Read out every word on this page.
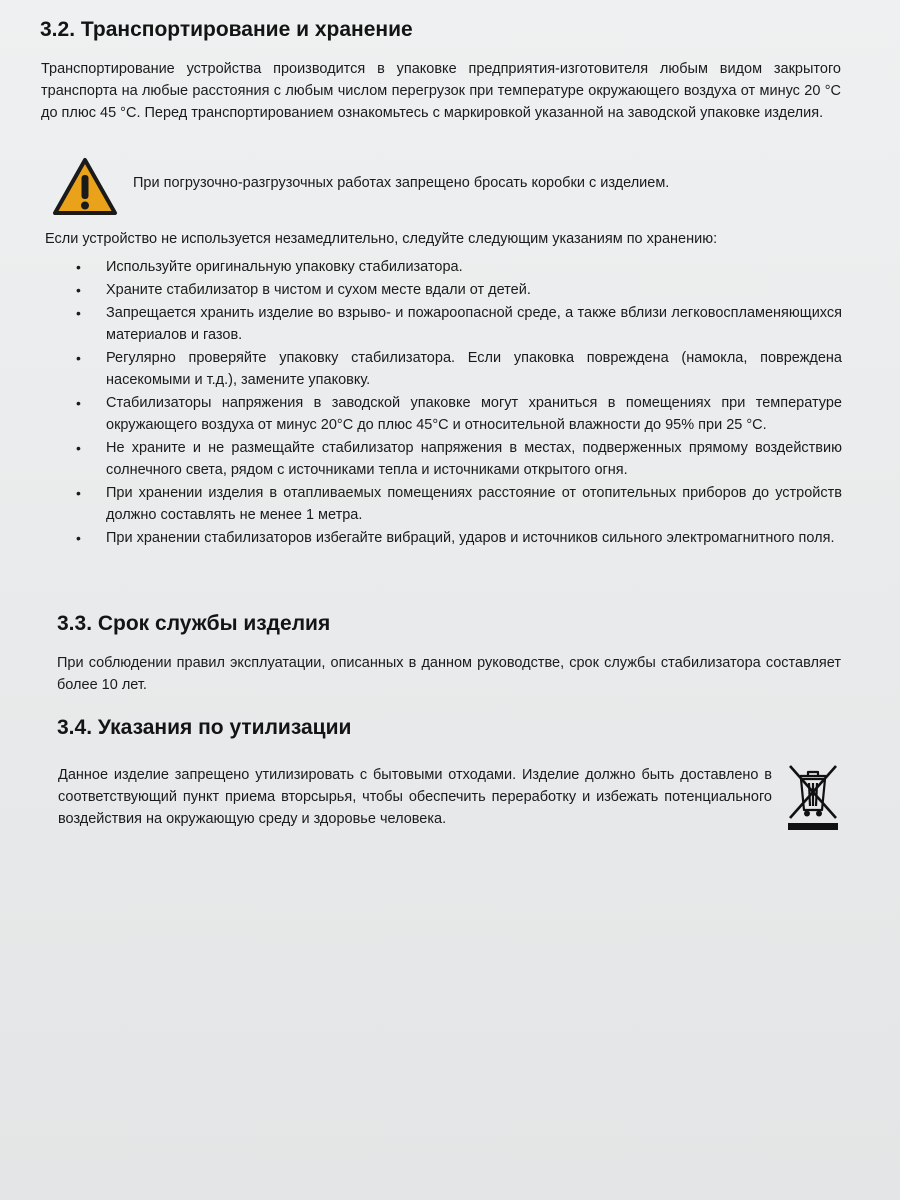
3.2. Транспортирование и хранение

Транспортирование устройства производится в упаковке предприятия-изготовителя любым видом закрытого транспорта на любые расстояния с любым числом перегрузок при температуре окружающего воздуха от минус 20 °С до плюс 45 °С. Перед транспортированием ознакомьтесь с маркировкой указанной на заводской упаковке изделия.

При погрузочно-разгрузочных работах запрещено бросать коробки с изделием.

Если устройство не используется незамедлительно, следуйте следующим указаниям по хранению:

• Используйте оригинальную упаковку стабилизатора.
• Храните стабилизатор в чистом и сухом месте вдали от детей.
• Запрещается хранить изделие во взрыво- и пожароопасной среде, а также вблизи легковоспламеняющихся материалов и газов.
• Регулярно проверяйте упаковку стабилизатора. Если упаковка повреждена (намокла, повреждена насекомыми и т.д.), замените упаковку.
• Стабилизаторы напряжения в заводской упаковке могут храниться в помещениях при температуре окружающего воздуха от минус 20°С до плюс 45°С и относительной влажности до 95% при 25 °С.
• Не храните и не размещайте стабилизатор напряжения в местах, подверженных прямому воздействию солнечного света, рядом с источниками тепла и источниками открытого огня.
• При хранении изделия в отапливаемых помещениях расстояние от отопительных приборов до устройств должно составлять не менее 1 метра.
• При хранении стабилизаторов избегайте вибраций, ударов и источников сильного электромагнитного поля.
3.3. Срок службы изделия

При соблюдении правил эксплуатации, описанных в данном руководстве, срок службы стабилизатора составляет более 10 лет.

3.4. Указания по утилизации

Данное изделие запрещено утилизировать с бытовыми отходами. Изделие должно быть доставлено в соответствующий пункт приема вторсырья, чтобы обеспечить переработку и избежать потенциального воздействия на окружающую среду и здоровье человека.
